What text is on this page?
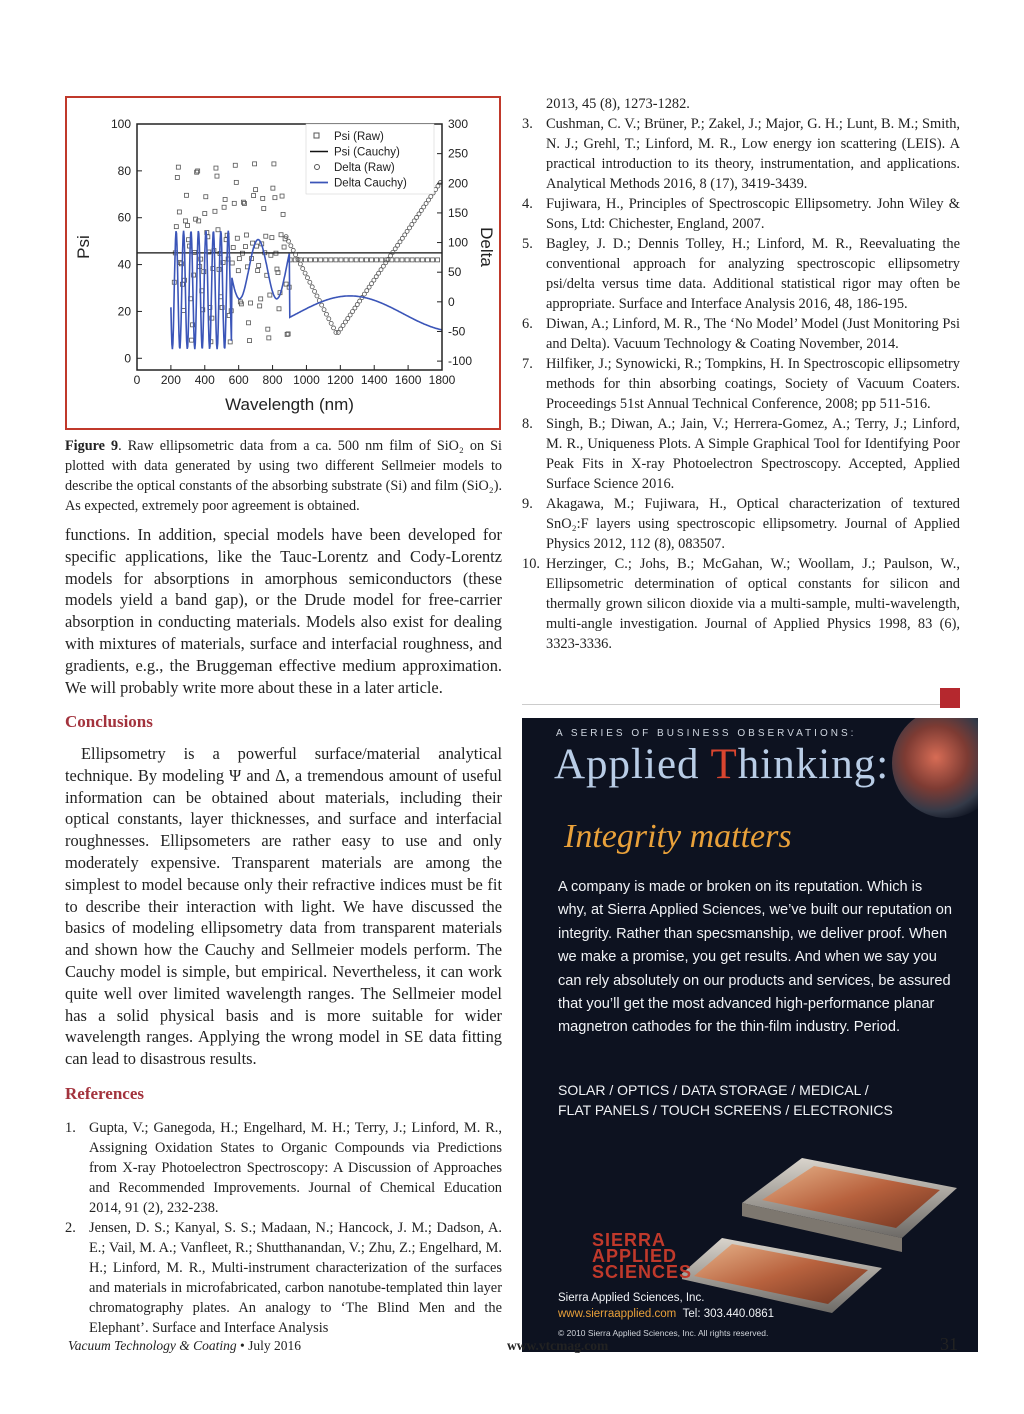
0 200 400 600 800 1000 1200 1400 1600 1800
0
20
40
60
80
100
-100
-50
0
50
100
150
200
250
300
Wavelength (nm)
Psi	Delta
Psi (Raw)
Psi (Cauchy)
Delta (Raw)
Delta Cauchy)
Figure 9. Raw ellipsometric data from a ca. 500 nm film of SiO₂ on Si plotted with data generated by using two different Sellmeier models to describe the optical constants of the absorbing substrate (Si) and film (SiO₂). As expected, extremely poor agreement is obtained.
functions. In addition, special models have been developed for specific applications, like the Tauc-Lorentz and Cody-Lorentz models for absorptions in amorphous semiconductors (these models yield a band gap), or the Drude model for free-carrier absorption in conducting materials. Models also exist for dealing with mixtures of materials, surface and interfacial roughness, and gradients, e.g., the Bruggeman effective medium approximation. We will probably write more about these in a later article.
Conclusions
Ellipsometry is a powerful surface/material analytical technique. By modeling Ψ and Δ, a tremendous amount of useful information can be obtained about materials, including their optical constants, layer thicknesses, and surface and interfacial roughnesses. Ellipsometers are rather easy to use and only moderately expensive. Transparent materials are among the simplest to model because only their refractive indices must be fit to describe their interaction with light. We have discussed the basics of modeling ellipsometry data from transparent materials and shown how the Cauchy and Sellmeier models perform. The Cauchy model is simple, but empirical. Nevertheless, it can work quite well over limited wavelength ranges. The Sellmeier model has a solid physical basis and is more suitable for wider wavelength ranges. Applying the wrong model in SE data fitting can lead to disastrous results.
References

1. Gupta, V.; Ganegoda, H.; Engelhard, M. H.; Terry, J.; Linford, M. R., Assigning Oxidation States to Organic Compounds via Predictions from X-ray Photoelectron Spectroscopy: A Discussion of Approaches and Recommended Improvements. Journal of Chemical Education 2014, 91 (2), 232-238.

2. Jensen, D. S.; Kanyal, S. S.; Madaan, N.; Hancock, J. M.; Dadson, A. E.; Vail, M. A.; Vanfleet, R.; Shutthanandan, V.; Zhu, Z.; Engelhard, M. H.; Linford, M. R., Multi-instrument characterization of the surfaces and materials in microfabricated, carbon nanotube-templated thin layer chromatography plates. An analogy to ‘The Blind Men and the Elephant’. Surface and Interface Analysis

2013, 45 (8), 1273-1282.

3. Cushman, C. V.; Brüner, P.; Zakel, J.; Major, G. H.; Lunt, B. M.; Smith, N. J.; Grehl, T.; Linford, M. R., Low energy ion scattering (LEIS). A practical introduction to its theory, instrumentation, and applications. Analytical Methods 2016, 8 (17), 3419-3439.

4. Fujiwara, H., Principles of Spectroscopic Ellipsometry. John Wiley & Sons, Ltd: Chichester, England, 2007.

5. Bagley, J. D.; Dennis Tolley, H.; Linford, M. R., Reevaluating the conventional approach for analyzing spectroscopic ellipsometry psi/delta versus time data. Additional statistical rigor may often be appropriate. Surface and Interface Analysis 2016, 48, 186-195.

6. Diwan, A.; Linford, M. R., The ‘No Model’ Model (Just Monitoring Psi and Delta). Vacuum Technology & Coating November, 2014.

7. Hilfiker, J.; Synowicki, R.; Tompkins, H. In Spectroscopic ellipsometry methods for thin absorbing coatings, Society of Vacuum Coaters. Proceedings 51st Annual Technical Conference, 2008; pp 511-516.

8. Singh, B.; Diwan, A.; Jain, V.; Herrera-Gomez, A.; Terry, J.; Linford, M. R., Uniqueness Plots. A Simple Graphical Tool for Identifying Poor Peak Fits in X-ray Photoelectron Spectroscopy. Accepted, Applied Surface Science 2016.

9. Akagawa, M.; Fujiwara, H., Optical characterization of textured SnO₂:F layers using spectroscopic ellipsometry. Journal of Applied Physics 2012, 112 (8), 083507.

10. Herzinger, C.; Johs, B.; McGahan, W.; Woollam, J.; Paulson, W., Ellipsometric determination of optical constants for silicon and thermally grown silicon dioxide via a multi-sample, multi-wavelength, multi-angle investigation. Journal of Applied Physics 1998, 83 (6), 3323-3336.

A SERIES OF BUSINESS OBSERVATIONS:
Applied Thinking:
Integrity matters
A company is made or broken on its reputation. Which is why, at Sierra Applied Sciences, we’ve built our reputation on integrity. Rather than specsmanship, we deliver proof. When we make a promise, you get results. And when we say you can rely absolutely on our products and services, be assured that you’ll get the most advanced high-performance planar magnetron cathodes for the thin-film industry. Period.
SOLAR / OPTICS / DATA STORAGE / MEDICAL /
FLAT PANELS / TOUCH SCREENS / ELECTRONICS
SIERRA
APPLIED
SCIENCES
Sierra Applied Sciences, Inc.
www.sierraapplied.com Tel: 303.440.0861
© 2010 Sierra Applied Sciences, Inc. All rights reserved.
Vacuum Technology & Coating • July 2016	www.vtcmag.com	31
